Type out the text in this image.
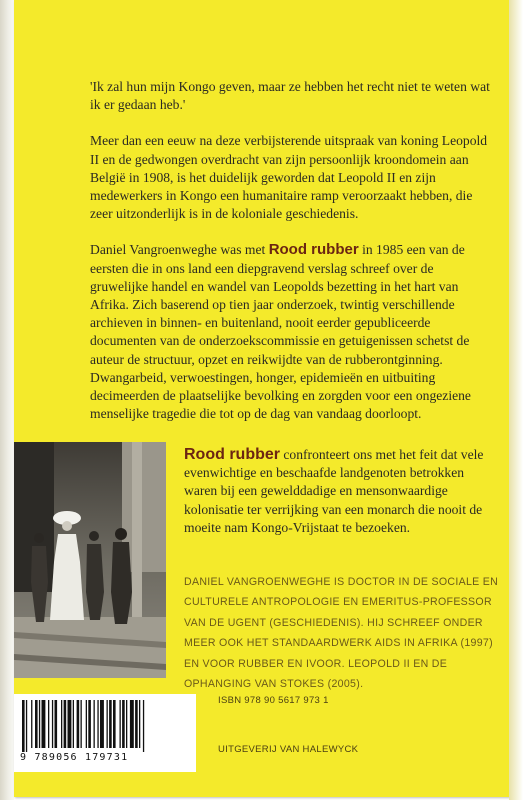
'Ik zal hun mijn Kongo geven, maar ze hebben het recht niet te weten wat ik er gedaan heb.'

Meer dan een eeuw na deze verbijsterende uitspraak van koning Leopold II en de gedwongen overdracht van zijn persoonlijk kroondomein aan België in 1908, is het duidelijk geworden dat Leopold II en zijn medewerkers in Kongo een humanitaire ramp veroorzaakt hebben, die zeer uitzonderlijk is in de koloniale geschiedenis.

Daniel Vangroenweghe was met Rood rubber in 1985 een van de eersten die in ons land een diepgravend verslag schreef over de gruwelijke handel en wandel van Leopolds bezetting in het hart van Afrika. Zich baserend op tien jaar onderzoek, twintig verschillende archieven in binnen- en buitenland, nooit eerder gepubliceerde documenten van de onderzoekscommissie en getuigenissen schetst de auteur de structuur, opzet en reikwijdte van de rubberontginning. Dwangarbeid, verwoestingen, honger, epidemieën en uitbuiting decimeerden de plaatselijke bevolking en zorgden voor een ongeziene menselijke tragedie die tot op de dag van vandaag doorloopt.

Rood rubber confronteert ons met het feit dat vele evenwichtige en beschaafde landgenoten betrokken waren bij een gewelddadige en mensonwaardige kolonisatie ter verrijking van een monarch die nooit de moeite nam Kongo-Vrijstaat te bezoeken.

DANIEL VANGROENWEGHE IS DOCTOR IN DE SOCIALE EN CULTURELE ANTROPOLOGIE EN EMERITUS-PROFESSOR VAN DE UGENT (GESCHIEDENIS). HIJ SCHREEF ONDER MEER OOK HET STANDAARDWERK AIDS IN AFRIKA (1997) EN VOOR RUBBER EN IVOOR. LEOPOLD II EN DE OPHANGING VAN STOKES (2005).

9 789056 179731
ISBN 978 90 5617 973 1
UITGEVERIJ VAN HALEWYCK
